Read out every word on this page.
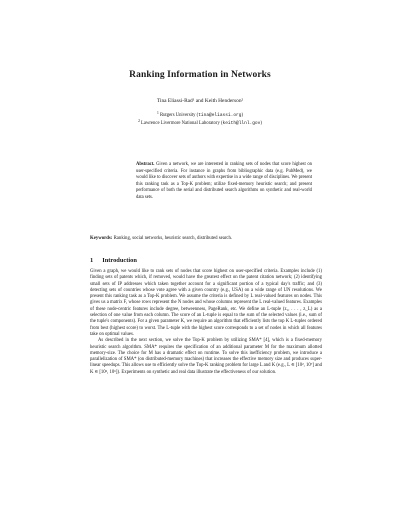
Ranking Information in Networks
Tina Eliassi-Rad¹ and Keith Henderson²
$^1$ Rutgers University (tina@eliassi.org)
$^2$ Lawrence Livermore National Laboratory (keith@llnl.gov)
Abstract. Given a network, we are interested in ranking sets of nodes that score highest on user-specified criteria. For instance in graphs from bibliographic data (e.g. PubMed), we would like to discover sets of authors with expertise in a wide range of disciplines. We present this ranking task as a Top-K problem; utilize fixed-memory heuristic search; and present performance of both the serial and distributed search algorithms on synthetic and real-world data sets.
Keywords: Ranking, social networks, heuristic search, distributed search.
1 Introduction

Given a graph, we would like to rank sets of nodes that score highest on user-specified criteria. Examples include (1) finding sets of patents which, if removed, would have the greatest effect on the patent citation network; (2) identifying small sets of IP addresses which taken together account for a significant portion of a typical day's traffic; and (3) detecting sets of countries whose vote agree with a given country (e.g., USA) on a wide range of UN resolutions. We present this ranking task as a Top-K problem. We assume the criteria is defined by L real-valued features on nodes. This gives us a matrix F, whose rows represent the N nodes and whose columns represent the L real-valued features. Examples of these node-centric features include degree, betweenness, PageRank, etc. We define an L-tuple (z₁, . . . , z_L) as a selection of one value from each column. The score of an L-tuple is equal to the sum of the selected values (i.e., sum of the tuple's components). For a given parameter K, we require an algorithm that efficiently lists the top K L-tuples ordered from best (highest score) to worst. The L-tuple with the highest score corresponds to a set of nodes in which all features take on optimal values.

As described in the next section, we solve the Top-K problem by utilizing SMA* [4], which is a fixed-memory heuristic search algorithm. SMA* requires the specification of an additional parameter M for the maximum allotted memory-size. The choice for M has a dramatic effect on runtime. To solve this inefficiency problem, we introduce a parallelization of SMA* (on distributed-memory machines) that increases the effective memory size and produces super-linear speedups. This allows use to efficiently solve the Top-K ranking problem for large L and K (e.g., L ∈ [10², 10⁷] and K ∈ [10³, 10⁶]). Experiments on synthetic and real data illustrate the effectiveness of our solution.
